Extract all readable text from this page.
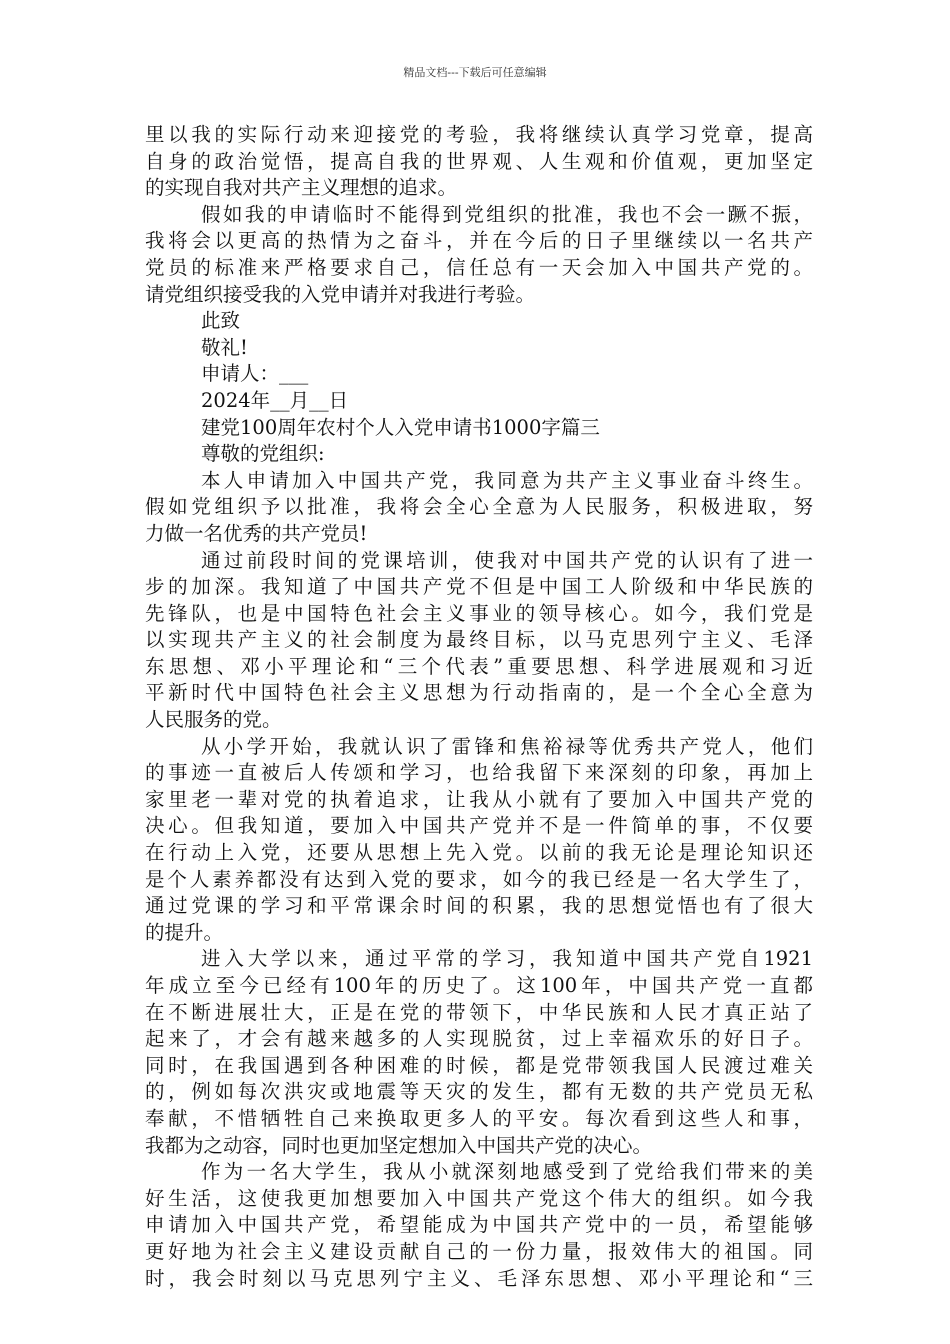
精品文档---下载后可任意编辑
里以我的实际行动来迎接党的考验，我将继续认真学习党章，提高
自身的政治觉悟，提高自我的世界观、人生观和价值观，更加坚定
的实现自我对共产主义理想的追求。
假如我的申请临时不能得到党组织的批准，我也不会一蹶不振，
我将会以更高的热情为之奋斗，并在今后的日子里继续以一名共产
党员的标准来严格要求自己，信任总有一天会加入中国共产党的。
请党组织接受我的入党申请并对我进行考验。
此致
敬礼!
申请人：___
2024年__月__日
建党100周年农村个人入党申请书1000字篇三
尊敬的党组织:
本人申请加入中国共产党，我同意为共产主义事业奋斗终生。
假如党组织予以批准，我将会全心全意为人民服务，积极进取，努
力做一名优秀的共产党员!
通过前段时间的党课培训，使我对中国共产党的认识有了进一
步的加深。我知道了中国共产党不但是中国工人阶级和中华民族的
先锋队，也是中国特色社会主义事业的领导核心。如今，我们党是
以实现共产主义的社会制度为最终目标，以马克思列宁主义、毛泽
东思想、邓小平理论和“三个代表”重要思想、科学进展观和习近
平新时代中国特色社会主义思想为行动指南的，是一个全心全意为
人民服务的党。
从小学开始，我就认识了雷锋和焦裕禄等优秀共产党人，他们
的事迹一直被后人传颂和学习，也给我留下来深刻的印象，再加上
家里老一辈对党的执着追求，让我从小就有了要加入中国共产党的
决心。但我知道，要加入中国共产党并不是一件简单的事，不仅要
在行动上入党，还要从思想上先入党。以前的我无论是理论知识还
是个人素养都没有达到入党的要求，如今的我已经是一名大学生了，
通过党课的学习和平常课余时间的积累，我的思想觉悟也有了很大
的提升。
进入大学以来，通过平常的学习，我知道中国共产党自1921
年成立至今已经有100年的历史了。这100年，中国共产党一直都
在不断进展壮大，正是在党的带领下，中华民族和人民才真正站了
起来了，才会有越来越多的人实现脱贫，过上幸福欢乐的好日子。
同时，在我国遇到各种困难的时候，都是党带领我国人民渡过难关
的，例如每次洪灾或地震等天灾的发生，都有无数的共产党员无私
奉献，不惜牺牲自己来换取更多人的平安。每次看到这些人和事，
我都为之动容，同时也更加坚定想加入中国共产党的决心。
作为一名大学生，我从小就深刻地感受到了党给我们带来的美
好生活，这使我更加想要加入中国共产党这个伟大的组织。如今我
申请加入中国共产党，希望能成为中国共产党中的一员，希望能够
更好地为社会主义建设贡献自己的一份力量，报效伟大的祖国。同
时，我会时刻以马克思列宁主义、毛泽东思想、邓小平理论和“三
